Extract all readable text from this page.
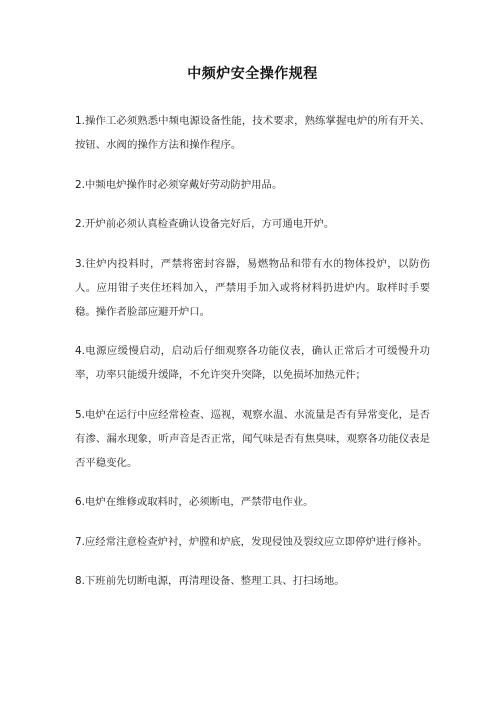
中频炉安全操作规程

1.操作工必须熟悉中频电源设备性能，技术要求，熟练掌握电炉的所有开关、按钮、水阀的操作方法和操作程序。

2.中频电炉操作时必须穿戴好劳动防护用品。

2.开炉前必须认真检查确认设备完好后，方可通电开炉。

3.往炉内投料时，严禁将密封容器，易燃物品和带有水的物体投炉，以防伤人。应用钳子夹住坯料加入，严禁用手加入或将材料扔进炉内。取样时手要稳。操作者脸部应避开炉口。

4.电源应缓慢启动，启动后仔细观察各功能仪表，确认正常后才可缓慢升功率，功率只能缓升缓降，不允许突升突降，以免损坏加热元件；

5.电炉在运行中应经常检查、巡视，观察水温、水流量是否有异常变化，是否有渗、漏水现象，听声音是否正常，闻气味是否有焦臭味，观察各功能仪表是否平稳变化。

6.电炉在维修或取料时，必须断电，严禁带电作业。

7.应经常注意检查炉衬，炉膛和炉底，发现侵蚀及裂纹应立即停炉进行修补。

8.下班前先切断电源，再清理设备、整理工具、打扫场地。
